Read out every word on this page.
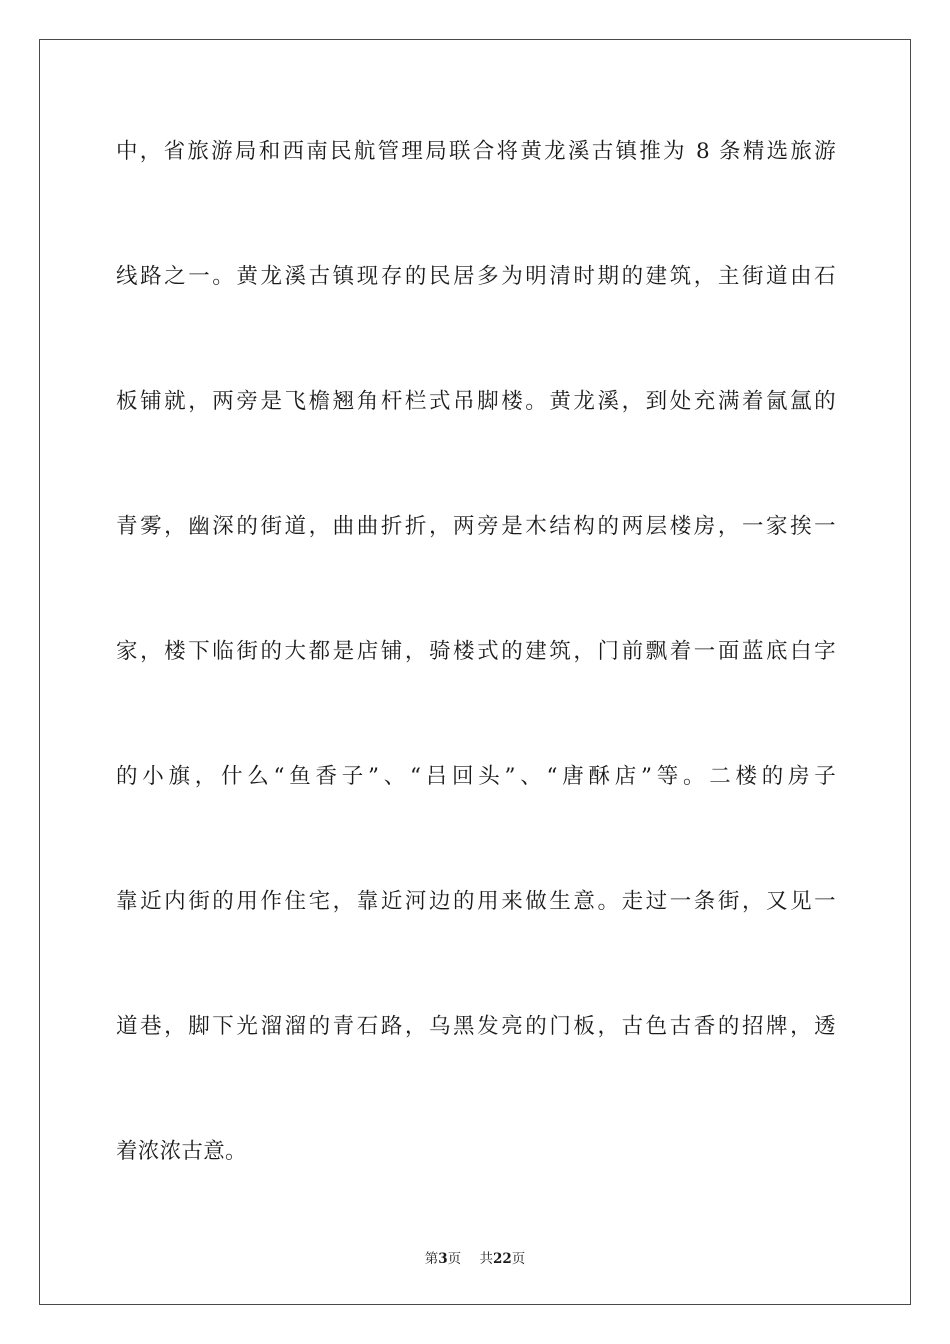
中，省旅游局和西南民航管理局联合将黄龙溪古镇推为 8 条精选旅游
线路之一。黄龙溪古镇现存的民居多为明清时期的建筑，主街道由石
板铺就，两旁是飞檐翘角杆栏式吊脚楼。黄龙溪，到处充满着氤氲的
青雾，幽深的街道，曲曲折折，两旁是木结构的两层楼房，一家挨一
家，楼下临街的大都是店铺，骑楼式的建筑，门前飘着一面蓝底白字
的小旗，什么“鱼香子”、“吕回头”、“唐酥店”等。二楼的房子
靠近内街的用作住宅，靠近河边的用来做生意。走过一条街，又见一
道巷，脚下光溜溜的青石路，乌黑发亮的门板，古色古香的招牌，透
着浓浓古意。
第3页 共22页
